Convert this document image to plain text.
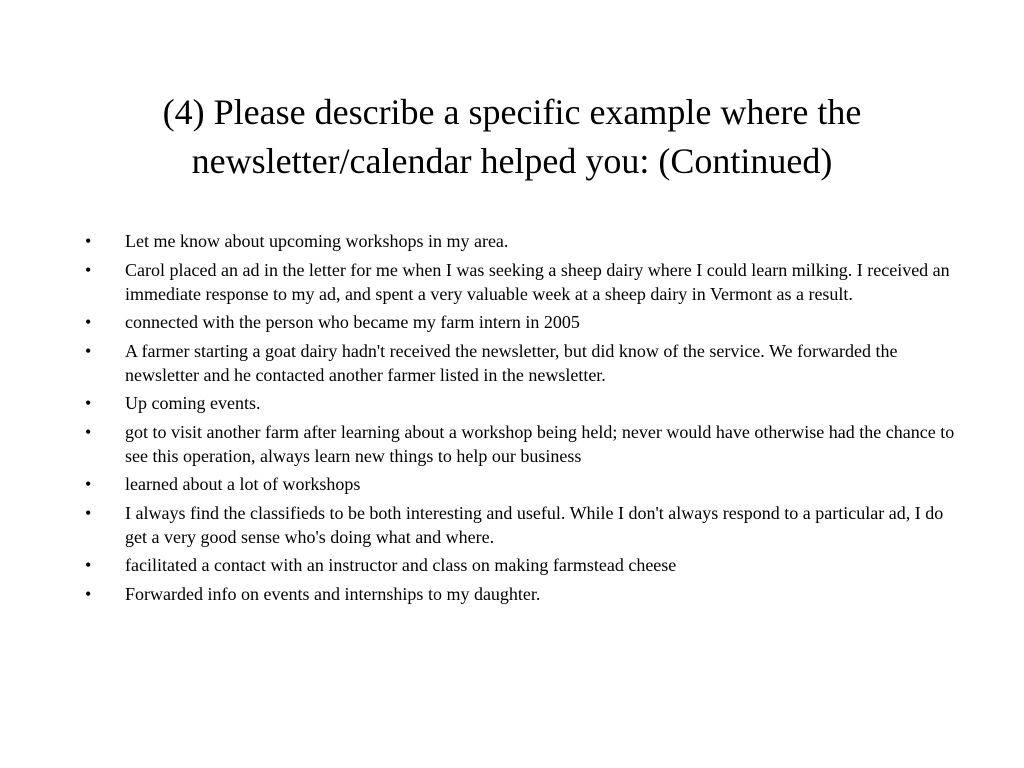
(4) Please describe a specific example where the newsletter/calendar helped you: (Continued)
•	Let me know about upcoming workshops in my area.
•	Carol placed an ad in the letter for me when I was seeking a sheep dairy where I could learn milking. I received an immediate response to my ad, and spent a very valuable week at a sheep dairy in Vermont as a result.
•	connected with the person who became my farm intern in 2005
•	A farmer starting a goat dairy hadn't received the newsletter, but did know of the service. We forwarded the newsletter and he contacted another farmer listed in the newsletter.
•	Up coming events.
•	got to visit another farm after learning about a workshop being held; never would have otherwise had the chance to see this operation, always learn new things to help our business
•	learned about a lot of workshops
•	I always find the classifieds to be both interesting and useful. While I don't always respond to a particular ad, I do get a very good sense who's doing what and where.
•	facilitated a contact with an instructor and class on making farmstead cheese
•	Forwarded info on events and internships to my daughter.
